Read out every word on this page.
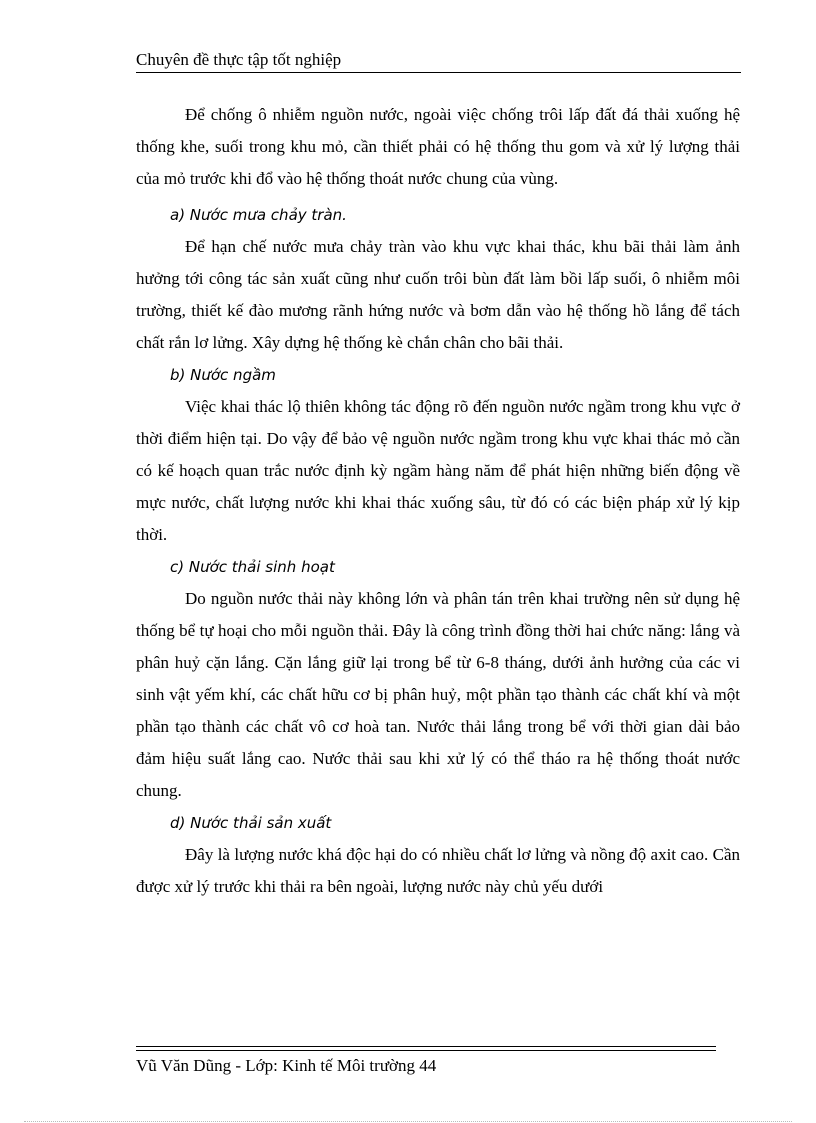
Chuyên đề thực tập tốt nghiệp

Để chống ô nhiễm nguồn nước, ngoài việc chống trôi lấp đất đá thải xuống hệ thống khe, suối trong khu mỏ, cần thiết phải có hệ thống thu gom và xử lý lượng thải của mỏ trước khi đổ vào hệ thống thoát nước chung của vùng.

a) Nước mưa chảy tràn.

Để hạn chế nước mưa chảy tràn vào khu vực khai thác, khu bãi thải làm ảnh hưởng tới công tác sản xuất cũng như cuốn trôi bùn đất làm bồi lấp suối, ô nhiễm môi trường, thiết kế đào mương rãnh hứng nước và bơm dẫn vào hệ thống hồ lắng để tách chất rắn lơ lửng. Xây dựng hệ thống kè chắn chân cho bãi thải.

b) Nước ngầm

Việc khai thác lộ thiên không tác động rõ đến nguồn nước ngầm trong khu vực ở thời điểm hiện tại. Do vậy để bảo vệ nguồn nước ngầm trong khu vực khai thác mỏ cần có kế hoạch quan trắc nước định kỳ ngầm hàng năm để phát hiện những biến động về mực nước, chất lượng nước khi khai thác xuống sâu, từ đó có các biện pháp xử lý kịp thời.

c) Nước thải sinh hoạt

Do nguồn nước thải này không lớn và phân tán trên khai trường nên sử dụng hệ thống bể tự hoại cho mỗi nguồn thải. Đây là công trình đồng thời hai chức năng: lắng và phân huỷ cặn lắng. Cặn lắng giữ lại trong bể từ 6-8 tháng, dưới ảnh hưởng của các vi sinh vật yếm khí, các chất hữu cơ bị phân huỷ, một phần tạo thành các chất khí và một phần tạo thành các chất vô cơ hoà tan. Nước thải lắng trong bể với thời gian dài bảo đảm hiệu suất lắng cao. Nước thải sau khi xử lý có thể tháo ra hệ thống thoát nước chung.

d) Nước thải sản xuất

Đây là lượng nước khá độc hại do có nhiều chất lơ lửng và nồng độ axit cao. Cần được xử lý trước khi thải ra bên ngoài, lượng nước này chủ yếu dưới

Vũ Văn Dũng - Lớp: Kinh tế Môi trường 44
